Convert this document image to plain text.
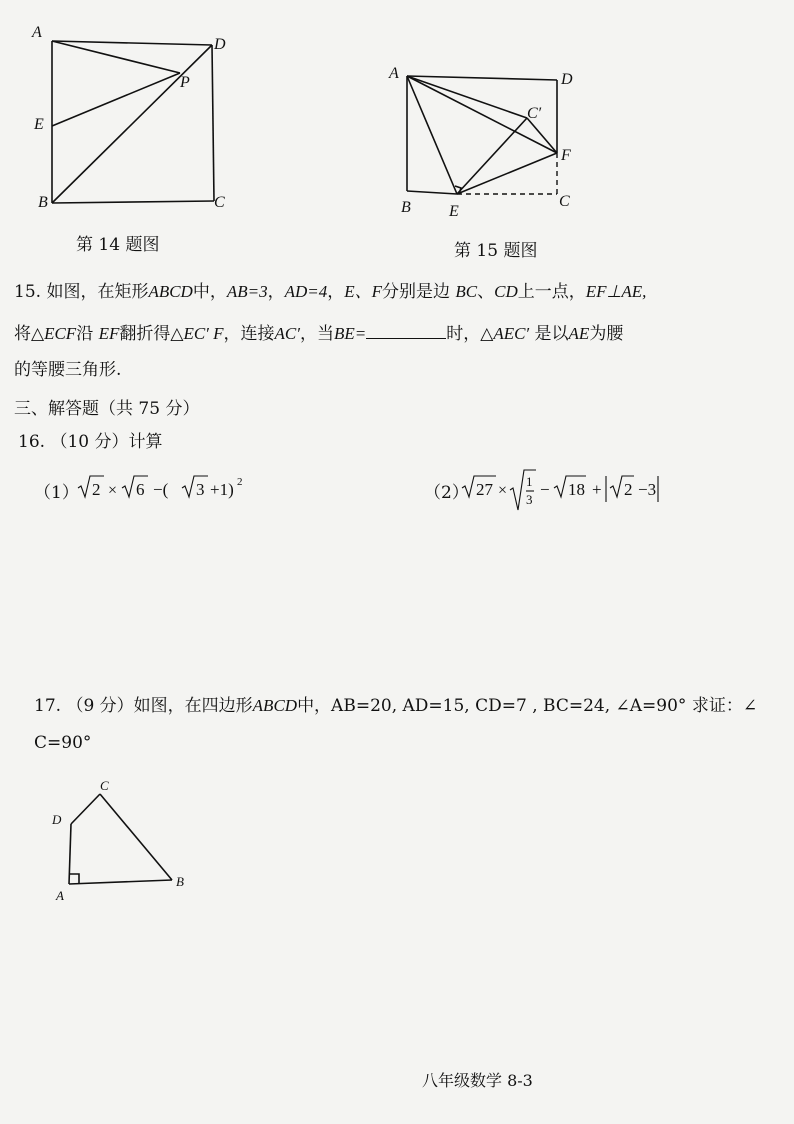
A
D
P
E
B	C
第 14 题图
A	D
C′
F
B E
C
第 15 题图
15. 如图，在矩形ABCD中，AB=3，AD=4，E、F分别是边 BC、CD上一点，EF⊥AE,
将△ECF沿 EF翻折得△EC′ F，连接AC′，当BE=	时，△AEC′ 是以AE为腰
的等腰三角形.
三、解答题（共 75 分）
16. （10 分）计算
（1） 2 × 6 −( 3 +1) 2
（2） 27 ×
1
3
− 18 + 2 −3
17. （9 分）如图，在四边形ABCD中，AB=20, AD=15, CD=7 , BC=24, ∠A=90° 求证：∠
C=90°
C
D
A
B
八年级数学 8-3
